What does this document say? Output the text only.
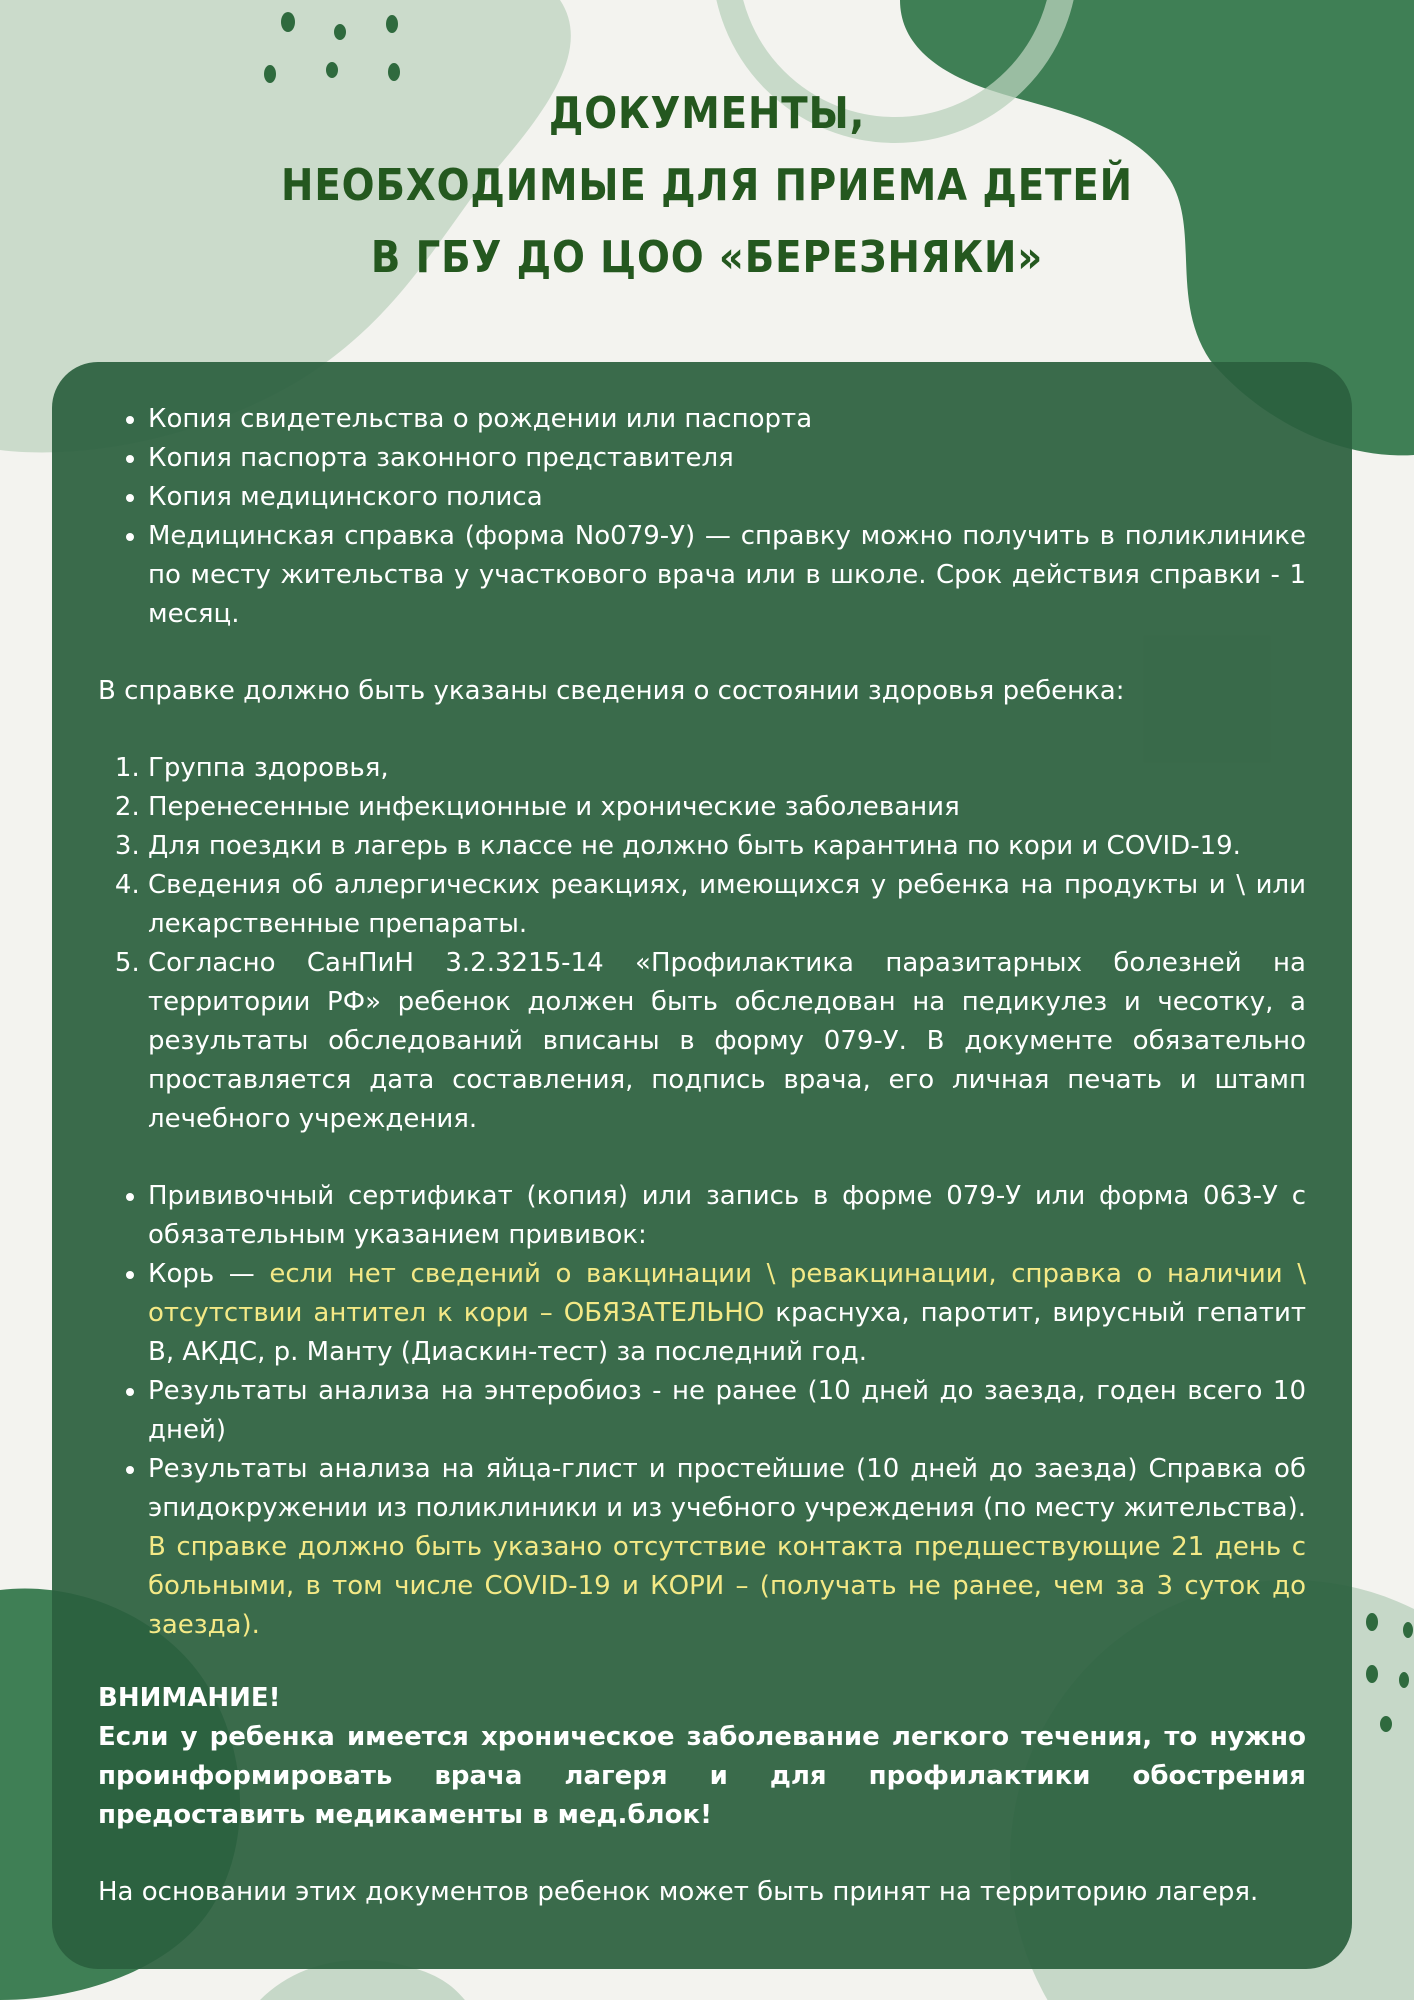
ДОКУМЕНТЫ,
НЕОБХОДИМЫЕ ДЛЯ ПРИЕМА ДЕТЕЙ
В ГБУ ДО ЦОО «БЕРЕЗНЯКИ»
• Копия свидетельства о рождении или паспорта
• Копия паспорта законного представителя
• Копия медицинского полиса
• Медицинская справка (форма No079-У) — справку можно получить в поликлинике по месту жительства у участкового врача или в школе. Срок действия справки - 1 месяц.

В справке должно быть указаны сведения о состоянии здоровья ребенка:

1. Группа здоровья,
2. Перенесенные инфекционные и хронические заболевания
3. Для поездки в лагерь в классе не должно быть карантина по кори и COVID-19.
4. Сведения об аллергических реакциях, имеющихся у ребенка на продукты и \ или лекарственные препараты.
5. Согласно СанПиН 3.2.3215-14 «Профилактика паразитарных болезней на территории РФ» ребенок должен быть обследован на педикулез и чесотку, а результаты обследований вписаны в форму 079-У. В документе обязательно проставляется дата составления, подпись врача, его личная печать и штамп лечебного учреждения.
• Прививочный сертификат (копия) или запись в форме 079-У или форма 063-У с обязательным указанием прививок:
• Корь — если нет сведений о вакцинации \ ревакцинации, справка о наличии \ отсутствии антител к кори – ОБЯЗАТЕЛЬНО краснуха, паротит, вирусный гепатит В, АКДС, р. Манту (Диаскин-тест) за последний год.
• Результаты анализа на энтеробиоз - не ранее (10 дней до заезда, годен всего 10 дней)
• Результаты анализа на яйца-глист и простейшие (10 дней до заезда) Справка об эпидокружении из поликлиники и из учебного учреждения (по месту жительства). В справке должно быть указано отсутствие контакта предшествующие 21 день с больными, в том числе COVID-19 и КОРИ – (получать не ранее, чем за 3 суток до заезда).

ВНИМАНИЕ!

Если у ребенка имеется хроническое заболевание легкого течения, то нужно проинформировать врача лагеря и для профилактики обострения предоставить медикаменты в мед.блок!

На основании этих документов ребенок может быть принят на территорию лагеря.
